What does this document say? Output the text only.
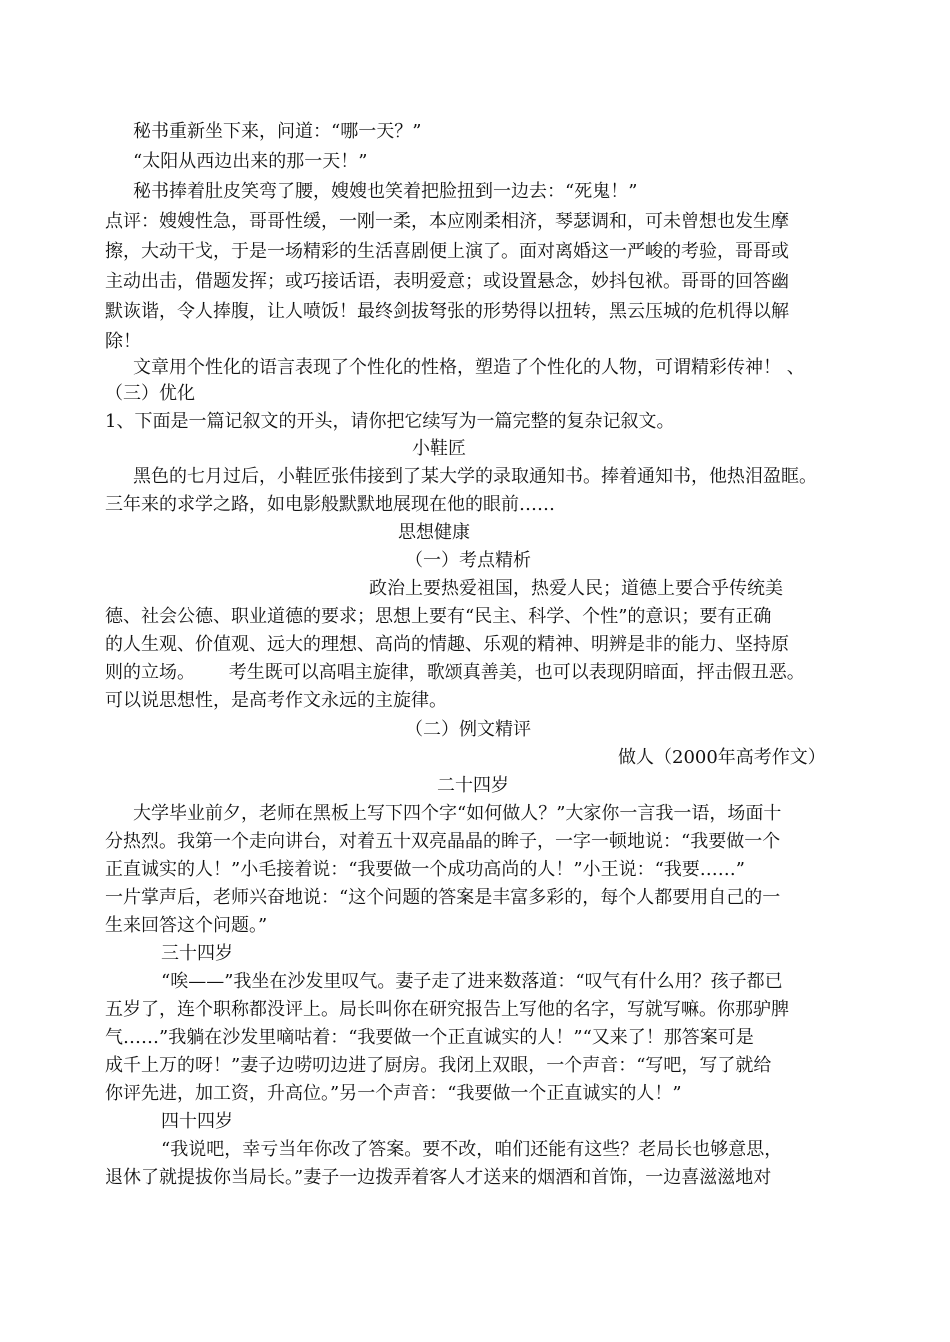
秘书重新坐下来，问道：“哪一天？”
“太阳从西边出来的那一天！”
秘书捧着肚皮笑弯了腰，嫂嫂也笑着把脸扭到一边去：“死鬼！”
点评：嫂嫂性急，哥哥性缓，一刚一柔，本应刚柔相济，琴瑟调和，可未曾想也发生摩
擦，大动干戈，于是一场精彩的生活喜剧便上演了。面对离婚这一严峻的考验，哥哥或
主动出击，借题发挥；或巧接话语，表明爱意；或设置悬念，妙抖包袱。哥哥的回答幽
默诙谐，令人捧腹，让人喷饭！最终剑拔弩张的形势得以扭转，黑云压城的危机得以解
除！
文章用个性化的语言表现了个性化的性格，塑造了个性化的人物，可谓精彩传神！ 、
（三）优化
1、下面是一篇记叙文的开头，请你把它续写为一篇完整的复杂记叙文。
小鞋匠
黑色的七月过后，小鞋匠张伟接到了某大学的录取通知书。捧着通知书，他热泪盈眶。
三年来的求学之路，如电影般默默地展现在他的眼前……
思想健康
（一）考点精析
政治上要热爱祖国，热爱人民；道德上要合乎传统美
德、社会公德、职业道德的要求；思想上要有“民主、科学、个性”的意识；要有正确
的人生观、价值观、远大的理想、高尚的情趣、乐观的精神、明辨是非的能力、坚持原
则的立场。 考生既可以高唱主旋律，歌颂真善美，也可以表现阴暗面，抨击假丑恶。
可以说思想性，是高考作文永远的主旋律。
（二）例文精评
做人（2000年高考作文）
二十四岁
大学毕业前夕，老师在黑板上写下四个字“如何做人？”大家你一言我一语，场面十
分热烈。我第一个走向讲台，对着五十双亮晶晶的眸子，一字一顿地说：“我要做一个
正直诚实的人！”小毛接着说：“我要做一个成功高尚的人！”小王说：“我要……”
一片掌声后，老师兴奋地说：“这个问题的答案是丰富多彩的，每个人都要用自己的一
生来回答这个问题。”
三十四岁
“唉——”我坐在沙发里叹气。妻子走了进来数落道：“叹气有什么用？孩子都已
五岁了，连个职称都没评上。局长叫你在研究报告上写他的名字，写就写嘛。你那驴脾
气……”我躺在沙发里嘀咕着：“我要做一个正直诚实的人！”“又来了！那答案可是
成千上万的呀！”妻子边唠叨边进了厨房。我闭上双眼，一个声音：“写吧，写了就给
你评先进，加工资，升高位。”另一个声音：“我要做一个正直诚实的人！”
四十四岁
“我说吧，幸亏当年你改了答案。要不改，咱们还能有这些？老局长也够意思，
退休了就提拔你当局长。”妻子一边拨弄着客人才送来的烟酒和首饰，一边喜滋滋地对
